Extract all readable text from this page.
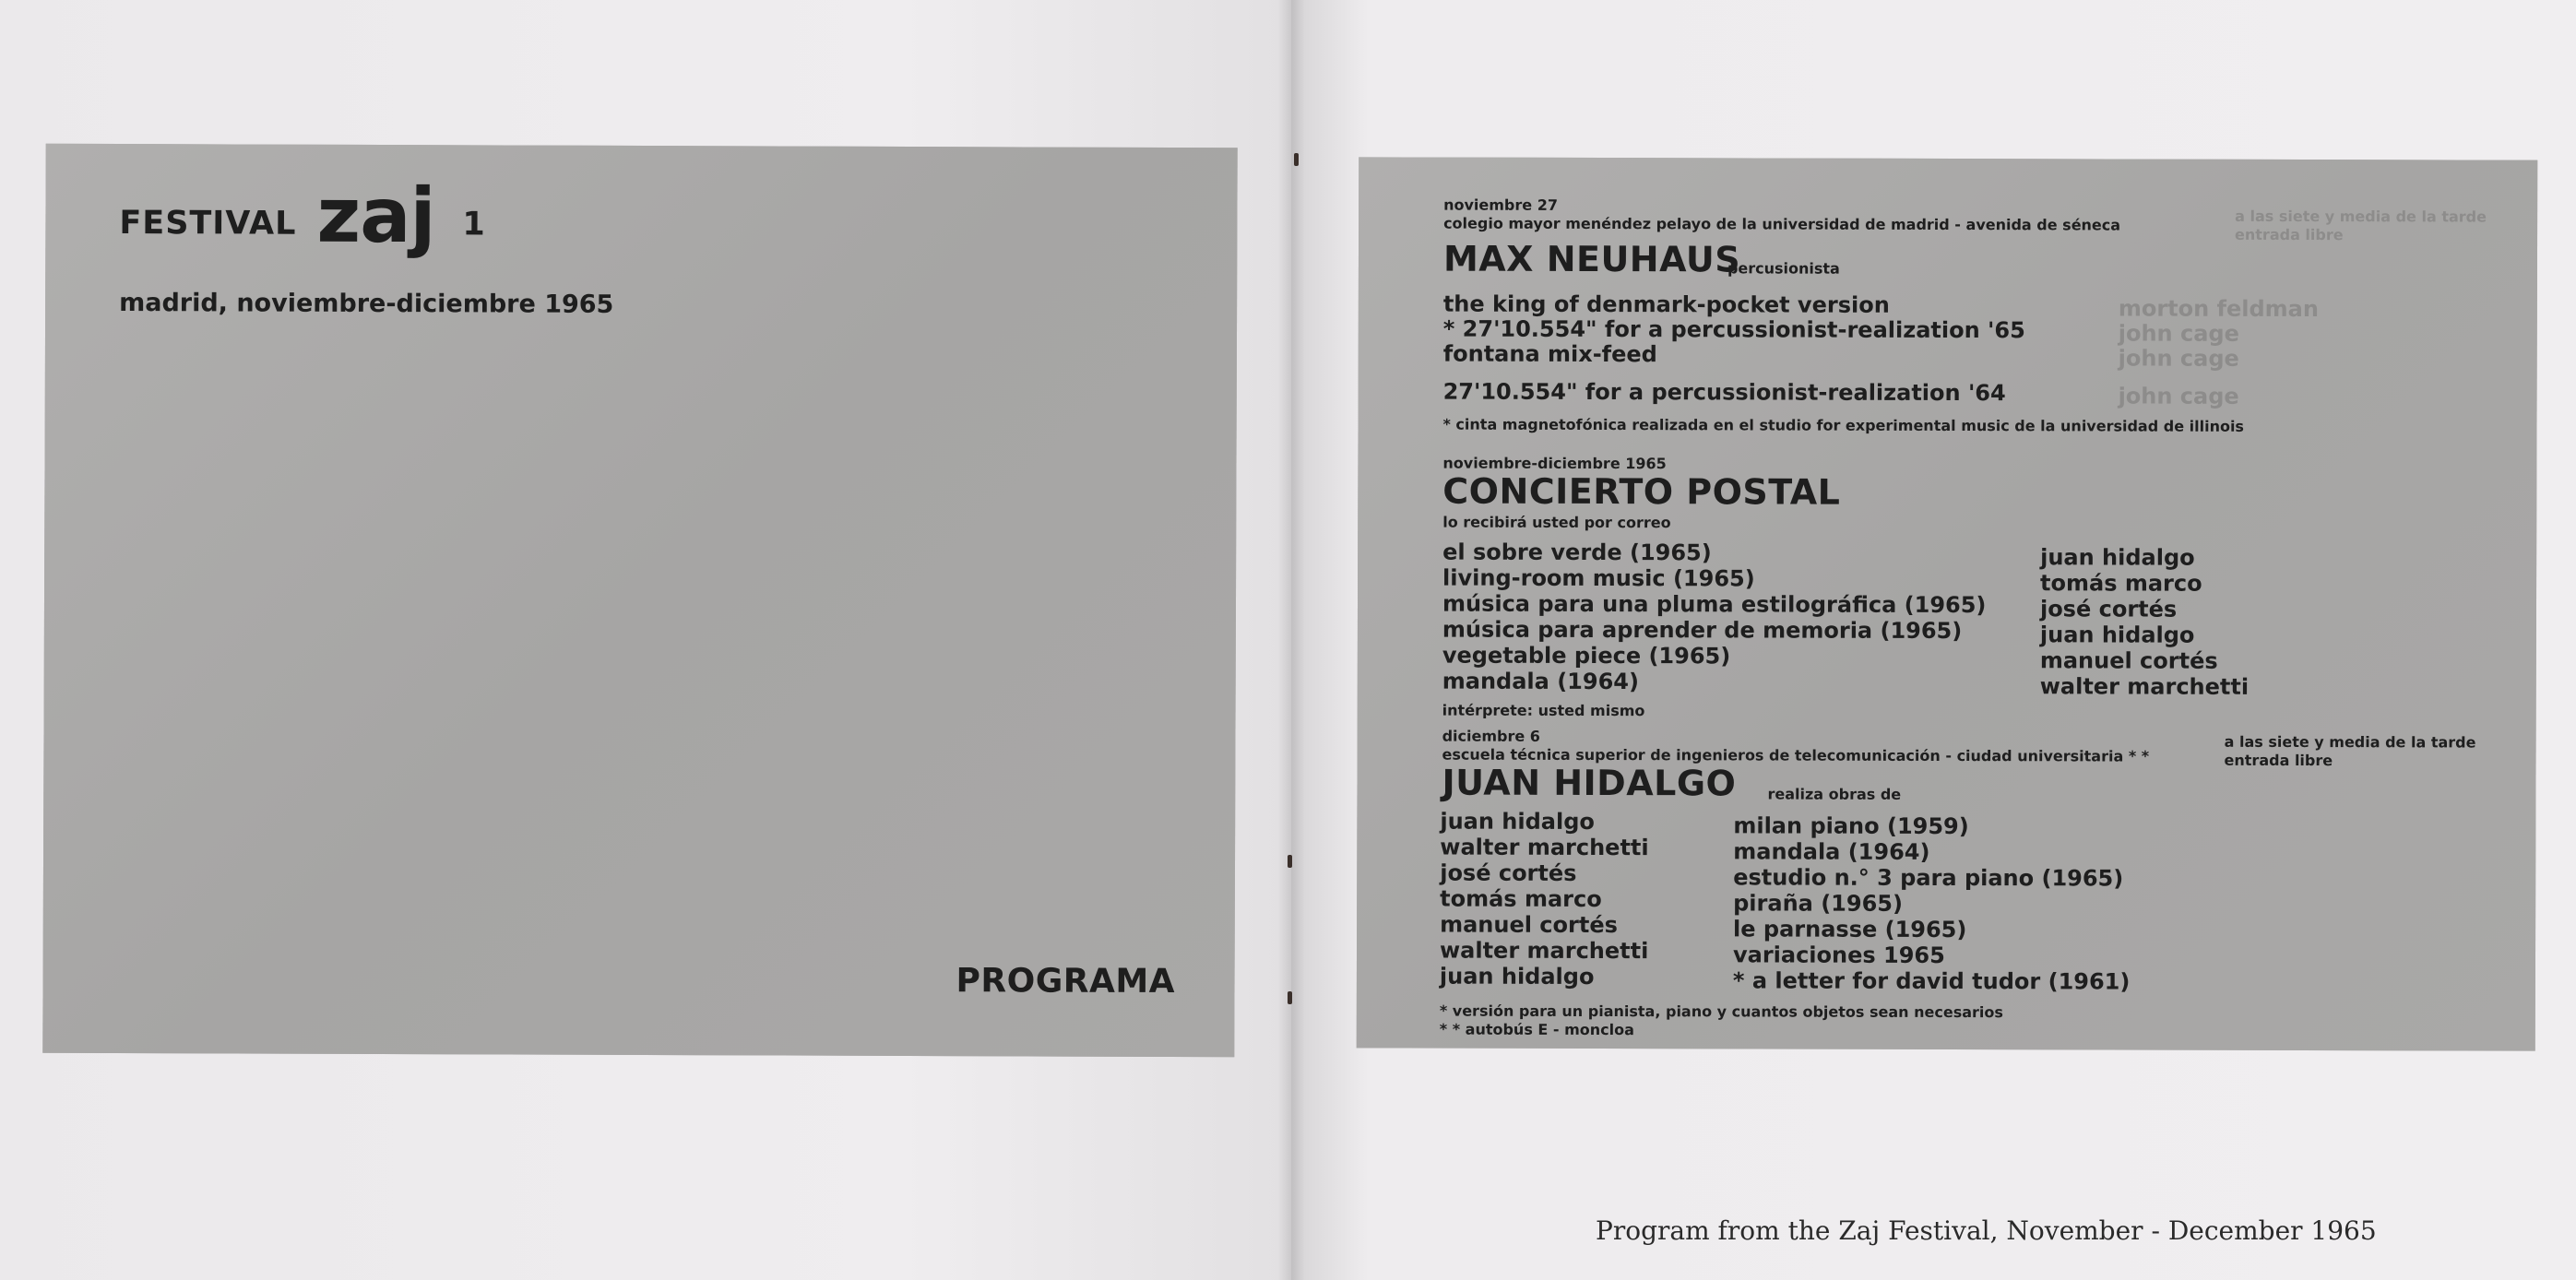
FESTIVAL zaj 1
madrid, noviembre-diciembre 1965
PROGRAMA
noviembre 27
colegio mayor menéndez pelayo de la universidad de madrid - avenida de séneca	a las siete y media de la tarde
entrada libre
MAX NEUHAUS
percusionista
the king of denmark-pocket version	morton feldman
* 27'10.554" for a percussionist-realization '65	john cage
fontana mix-feed	john cage
27'10.554" for a percussionist-realization '64	john cage
* cinta magnetofónica realizada en el studio for experimental music de la universidad de illinois
noviembre-diciembre 1965
CONCIERTO POSTAL
lo recibirá usted por correo
el sobre verde (1965)	juan hidalgo
living-room music (1965)	tomás marco
música para una pluma estilográfica (1965) josé cortés
música para aprender de memoria (1965)	juan hidalgo
vegetable piece (1965)	manuel cortés
mandala (1964)	walter marchetti
intérprete: usted mismo
diciembre 6
escuela técnica superior de ingenieros de telecomunicación - ciudad universitaria * *
a las siete y media de la tarde
entrada libre
JUAN HIDALGO realiza obras de
juan hidalgo	milan piano (1959)
walter marchetti	mandala (1964)
josé cortés	estudio n.° 3 para piano (1965)
tomás marco	piraña (1965)
manuel cortés	le parnasse (1965)
walter marchetti	variaciones 1965
juan hidalgo	* a letter for david tudor (1961)
* versión para un pianista, piano y cuantos objetos sean necesarios
* * autobús E - moncloa
Program from the Zaj Festival, November - December 1965
